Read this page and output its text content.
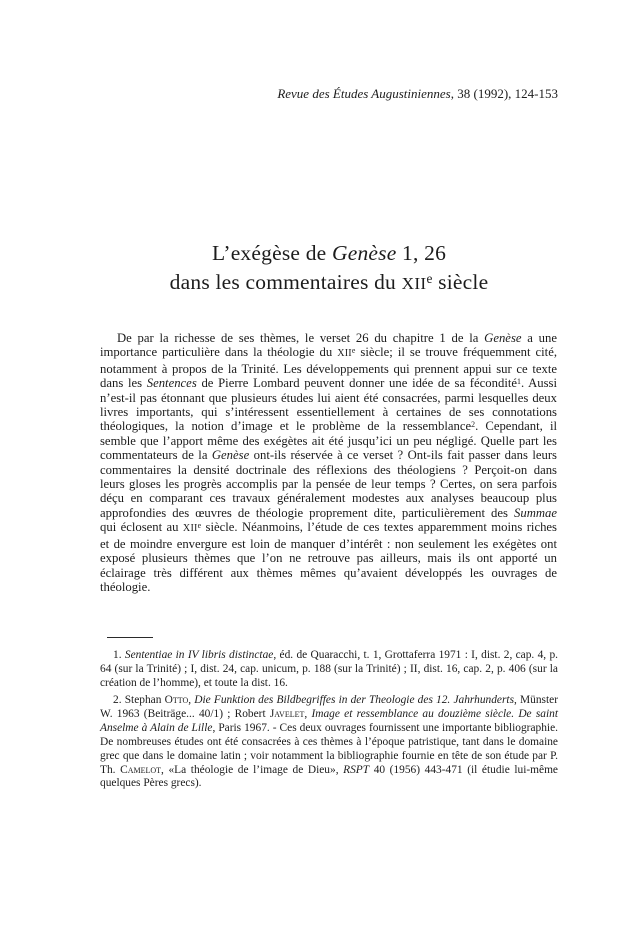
Revue des Études Augustiniennes, 38 (1992), 124-153
L’exégèse de Genèse 1, 26
dans les commentaires du XIIe siècle
De par la richesse de ses thèmes, le verset 26 du chapitre 1 de la Genèse a une importance particulière dans la théologie du XIIe siècle; il se trouve fréquemment cité, notamment à propos de la Trinité. Les développements qui prennent appui sur ce texte dans les Sentences de Pierre Lombard peuvent donner une idée de sa fécondité$^1$. Aussi n’est-il pas étonnant que plusieurs études lui aient été consacrées, parmi lesquelles deux livres importants, qui s’intéressent essentiellement à certaines de ses connotations théologiques, la notion d’image et le problème de la ressemblance$^2$. Cependant, il semble que l’apport même des exégètes ait été jusqu’ici un peu négligé. Quelle part les commentateurs de la Genèse ont-ils réservée à ce verset ? Ont-ils fait passer dans leurs commentaires la densité doctrinale des réflexions des théologiens ? Perçoit-on dans leurs gloses les progrès accomplis par la pensée de leur temps ? Certes, on sera parfois déçu en comparant ces travaux généralement modestes aux analyses beaucoup plus approfondies des œuvres de théologie proprement dite, particulièrement des Summae qui éclosent au XIIe siècle. Néanmoins, l’étude de ces textes apparemment moins riches et de moindre envergure est loin de manquer d’intérêt : non seulement les exégètes ont exposé plusieurs thèmes que l’on ne retrouve pas ailleurs, mais ils ont apporté un éclairage très différent aux thèmes mêmes qu’avaient développés les ouvrages de théologie.
1. Sententiae in IV libris distinctae, éd. de Quaracchi, t. 1, Grottaferra 1971 : I, dist. 2, cap. 4, p. 64 (sur la Trinité) ; I, dist. 24, cap. unicum, p. 188 (sur la Trinité) ; II, dist. 16, cap. 2, p. 406 (sur la création de l’homme), et toute la dist. 16.
2. Stephan Otto, Die Funktion des Bildbegriffes in der Theologie des 12. Jahrhunderts, Münster W. 1963 (Beiträge... 40/1) ; Robert Javelet, Image et ressemblance au douzième siècle. De saint Anselme à Alain de Lille, Paris 1967. - Ces deux ouvrages fournissent une importante bibliographie. De nombreuses études ont été consacrées à ces thèmes à l’époque patristique, tant dans le domaine grec que dans le domaine latin ; voir notamment la bibliographie fournie en tête de son étude par P. Th. Camelot, «La théologie de l’image de Dieu», RSPT 40 (1956) 443-471 (il étudie lui-même quelques Pères grecs).
